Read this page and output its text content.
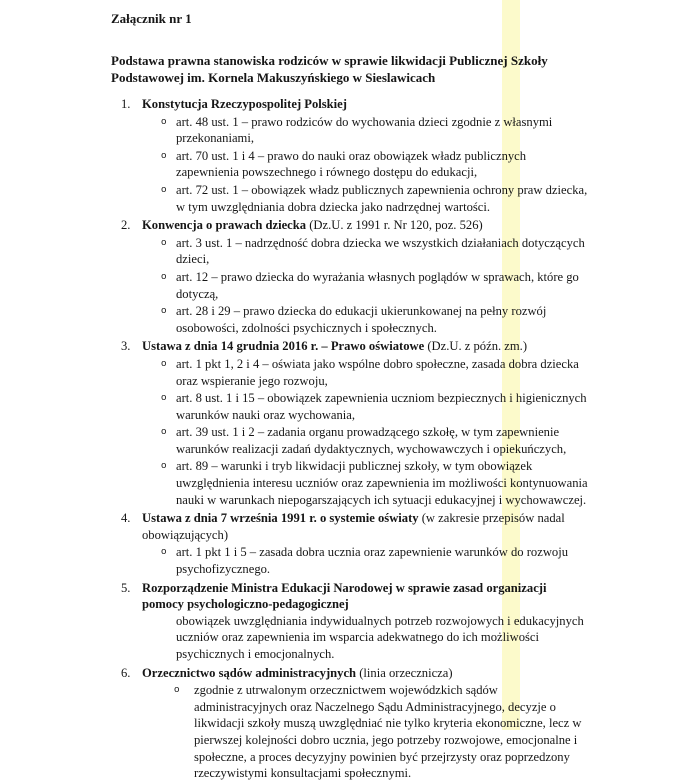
Załącznik nr 1
Podstawa prawna stanowiska rodziców w sprawie likwidacji Publicznej Szkoły Podstawowej im. Kornela Makuszyńskiego w Sieslawicach
1. Konstytucja Rzeczypospolitej Polskiej
o art. 48 ust. 1 – prawo rodziców do wychowania dzieci zgodnie z własnymi przekonaniami,
o art. 70 ust. 1 i 4 – prawo do nauki oraz obowiązek władz publicznych zapewnienia powszechnego i równego dostępu do edukacji,
o art. 72 ust. 1 – obowiązek władz publicznych zapewnienia ochrony praw dziecka, w tym uwzględniania dobra dziecka jako nadrzędnej wartości.
2. Konwencja o prawach dziecka (Dz.U. z 1991 r. Nr 120, poz. 526)
o art. 3 ust. 1 – nadrzędność dobra dziecka we wszystkich działaniach dotyczących dzieci,
o art. 12 – prawo dziecka do wyrażania własnych poglądów w sprawach, które go dotyczą,
o art. 28 i 29 – prawo dziecka do edukacji ukierunkowanej na pełny rozwój osobowości, zdolności psychicznych i społecznych.
3. Ustawa z dnia 14 grudnia 2016 r. – Prawo oświatowe (Dz.U. z późn. zm.)
o art. 1 pkt 1, 2 i 4 – oświata jako wspólne dobro społeczne, zasada dobra dziecka oraz wspieranie jego rozwoju,
o art. 8 ust. 1 i 15 – obowiązek zapewnienia uczniom bezpiecznych i higienicznych warunków nauki oraz wychowania,
o art. 39 ust. 1 i 2 – zadania organu prowadzącego szkołę, w tym zapewnienie warunków realizacji zadań dydaktycznych, wychowawczych i opiekuńczych,
o art. 89 – warunki i tryb likwidacji publicznej szkoły, w tym obowiązek uwzględnienia interesu uczniów oraz zapewnienia im możliwości kontynuowania nauki w warunkach niepogarszających ich sytuacji edukacyjnej i wychowawczej.
4. Ustawa z dnia 7 września 1991 r. o systemie oświaty (w zakresie przepisów nadal obowiązujących)
o art. 1 pkt 1 i 5 – zasada dobra ucznia oraz zapewnienie warunków do rozwoju psychofizycznego.
5. Rozporządzenie Ministra Edukacji Narodowej w sprawie zasad organizacji pomocy psychologiczno-pedagogicznej
obowiązek uwzględniania indywidualnych potrzeb rozwojowych i edukacyjnych uczniów oraz zapewnienia im wsparcia adekwatnego do ich możliwości psychicznych i emocjonalnych.
6. Orzecznictwo sądów administracyjnych (linia orzecznicza)
o zgodnie z utrwalonym orzecznictwem wojewódzkich sądów administracyjnych oraz Naczelnego Sądu Administracyjnego, decyzje o likwidacji szkoły muszą uwzględniać nie tylko kryteria ekonomiczne, lecz w pierwszej kolejności dobro ucznia, jego potrzeby rozwojowe, emocjonalne i społeczne, a proces decyzyjny powinien być przejrzysty oraz poprzedzony rzeczywistymi konsultacjami społecznymi.
